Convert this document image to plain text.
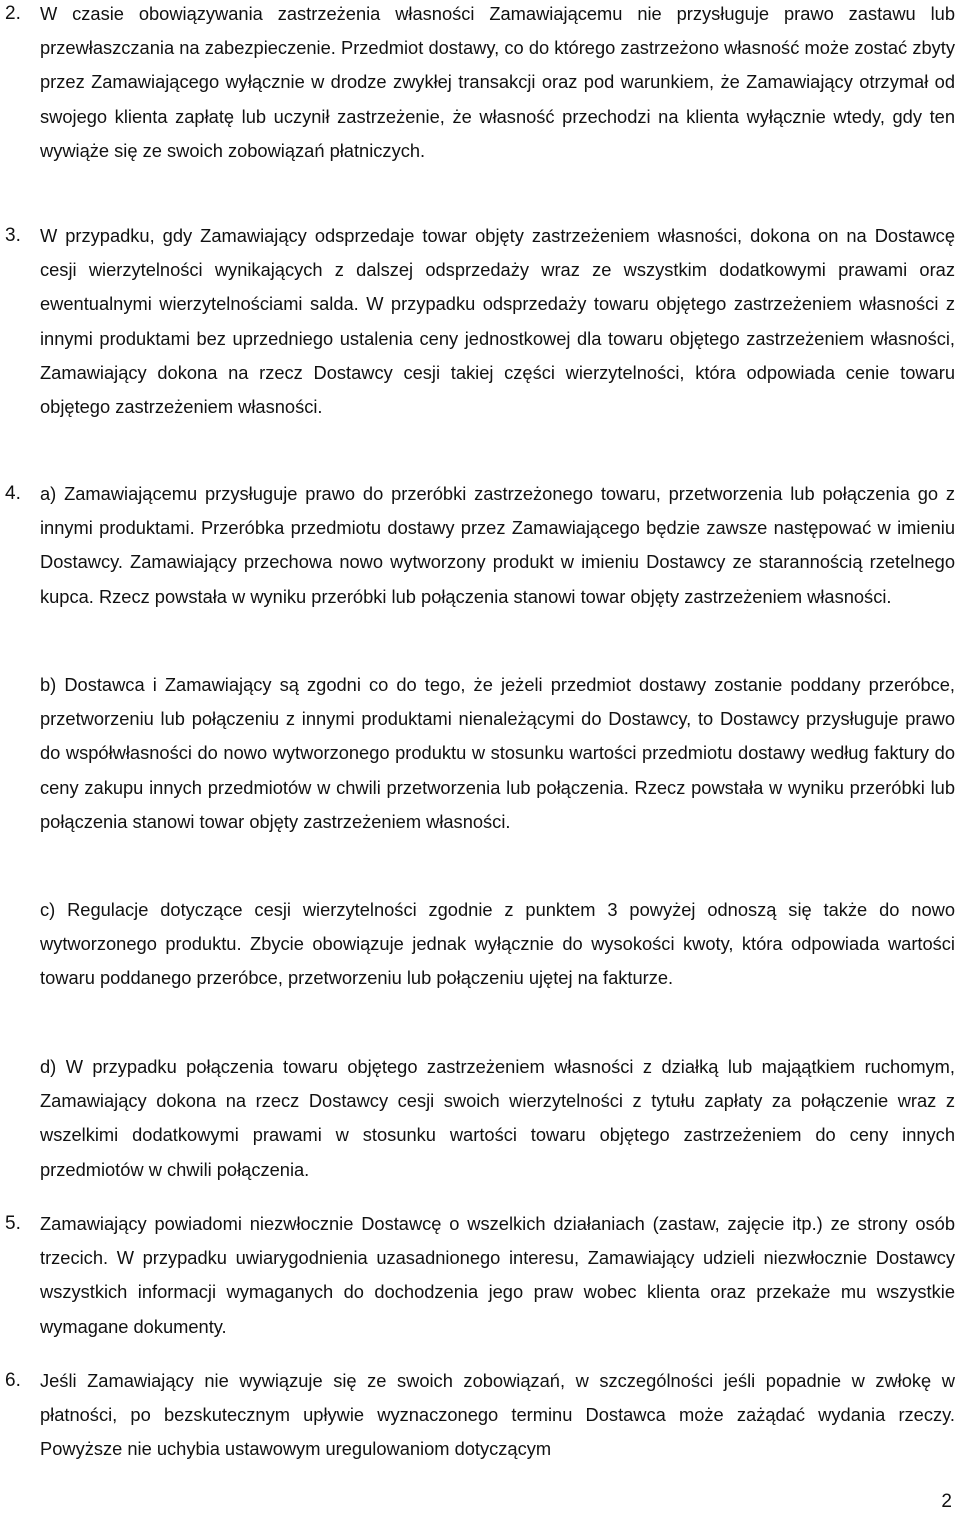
2. W czasie obowiązywania zastrzeżenia własności Zamawiającemu nie przysługuje prawo zastawu lub przewłaszczania na zabezpieczenie. Przedmiot dostawy, co do którego zastrzeżono własność może zostać zbyty przez Zamawiającego wyłącznie w drodze zwykłej transakcji oraz pod warunkiem, że Zamawiający otrzymał od swojego klienta zapłatę lub uczynił zastrzeżenie, że własność przechodzi na klienta wyłącznie wtedy, gdy ten wywiąże się ze swoich zobowiązań płatniczych.

3. W przypadku, gdy Zamawiający odsprzedaje towar objęty zastrzeżeniem własności, dokona on na Dostawcę cesji wierzytelności wynikających z dalszej odsprzedaży wraz ze wszystkim dodatkowymi prawami oraz ewentualnymi wierzytelnościami salda. W przypadku odsprzedaży towaru objętego zastrzeżeniem własności z innymi produktami bez uprzedniego ustalenia ceny jednostkowej dla towaru objętego zastrzeżeniem własności, Zamawiający dokona na rzecz Dostawcy cesji takiej części wierzytelności, która odpowiada cenie towaru objętego zastrzeżeniem własności.

4. a) Zamawiającemu przysługuje prawo do przeróbki zastrzeżonego towaru, przetworzenia lub połączenia go z innymi produktami. Przeróbka przedmiotu dostawy przez Zamawiającego będzie zawsze następować w imieniu Dostawcy. Zamawiający przechowa nowo wytworzony produkt w imieniu Dostawcy ze starannością rzetelnego kupca. Rzecz powstała w wyniku przeróbki lub połączenia stanowi towar objęty zastrzeżeniem własności.

b) Dostawca i Zamawiający są zgodni co do tego, że jeżeli przedmiot dostawy zostanie poddany przeróbce, przetworzeniu lub połączeniu z innymi produktami nienależącymi do Dostawcy, to Dostawcy przysługuje prawo do współwłasności do nowo wytworzonego produktu w stosunku wartości przedmiotu dostawy według faktury do ceny zakupu innych przedmiotów w chwili przetworzenia lub połączenia. Rzecz powstała w wyniku przeróbki lub połączenia stanowi towar objęty zastrzeżeniem własności.

c) Regulacje dotyczące cesji wierzytelności zgodnie z punktem 3 powyżej odnoszą się także do nowo wytworzonego produktu. Zbycie obowiązuje jednak wyłącznie do wysokości kwoty, która odpowiada wartości towaru poddanego przeróbce, przetworzeniu lub połączeniu ujętej na fakturze.

d) W przypadku połączenia towaru objętego zastrzeżeniem własności z działką lub mająątkiem ruchomym, Zamawiający dokona na rzecz Dostawcy cesji swoich wierzytelności z tytułu zapłaty za połączenie wraz z wszelkimi dodatkowymi prawami w stosunku wartości towaru objętego zastrzeżeniem do ceny innych przedmiotów w chwili połączenia.

5. Zamawiający powiadomi niezwłocznie Dostawcę o wszelkich działaniach (zastaw, zajęcie itp.) ze strony osób trzecich. W przypadku uwiarygodnienia uzasadnionego interesu, Zamawiający udzieli niezwłocznie Dostawcy wszystkich informacji wymaganych do dochodzenia jego praw wobec klienta oraz przekaże mu wszystkie wymagane dokumenty.

6. Jeśli Zamawiający nie wywiązuje się ze swoich zobowiązań, w szczególności jeśli popadnie w zwłokę w płatności, po bezskutecznym upływie wyznaczonego terminu Dostawca może zażądać wydania rzeczy. Powyższe nie uchybia ustawowym uregulowaniom dotyczącym

2
